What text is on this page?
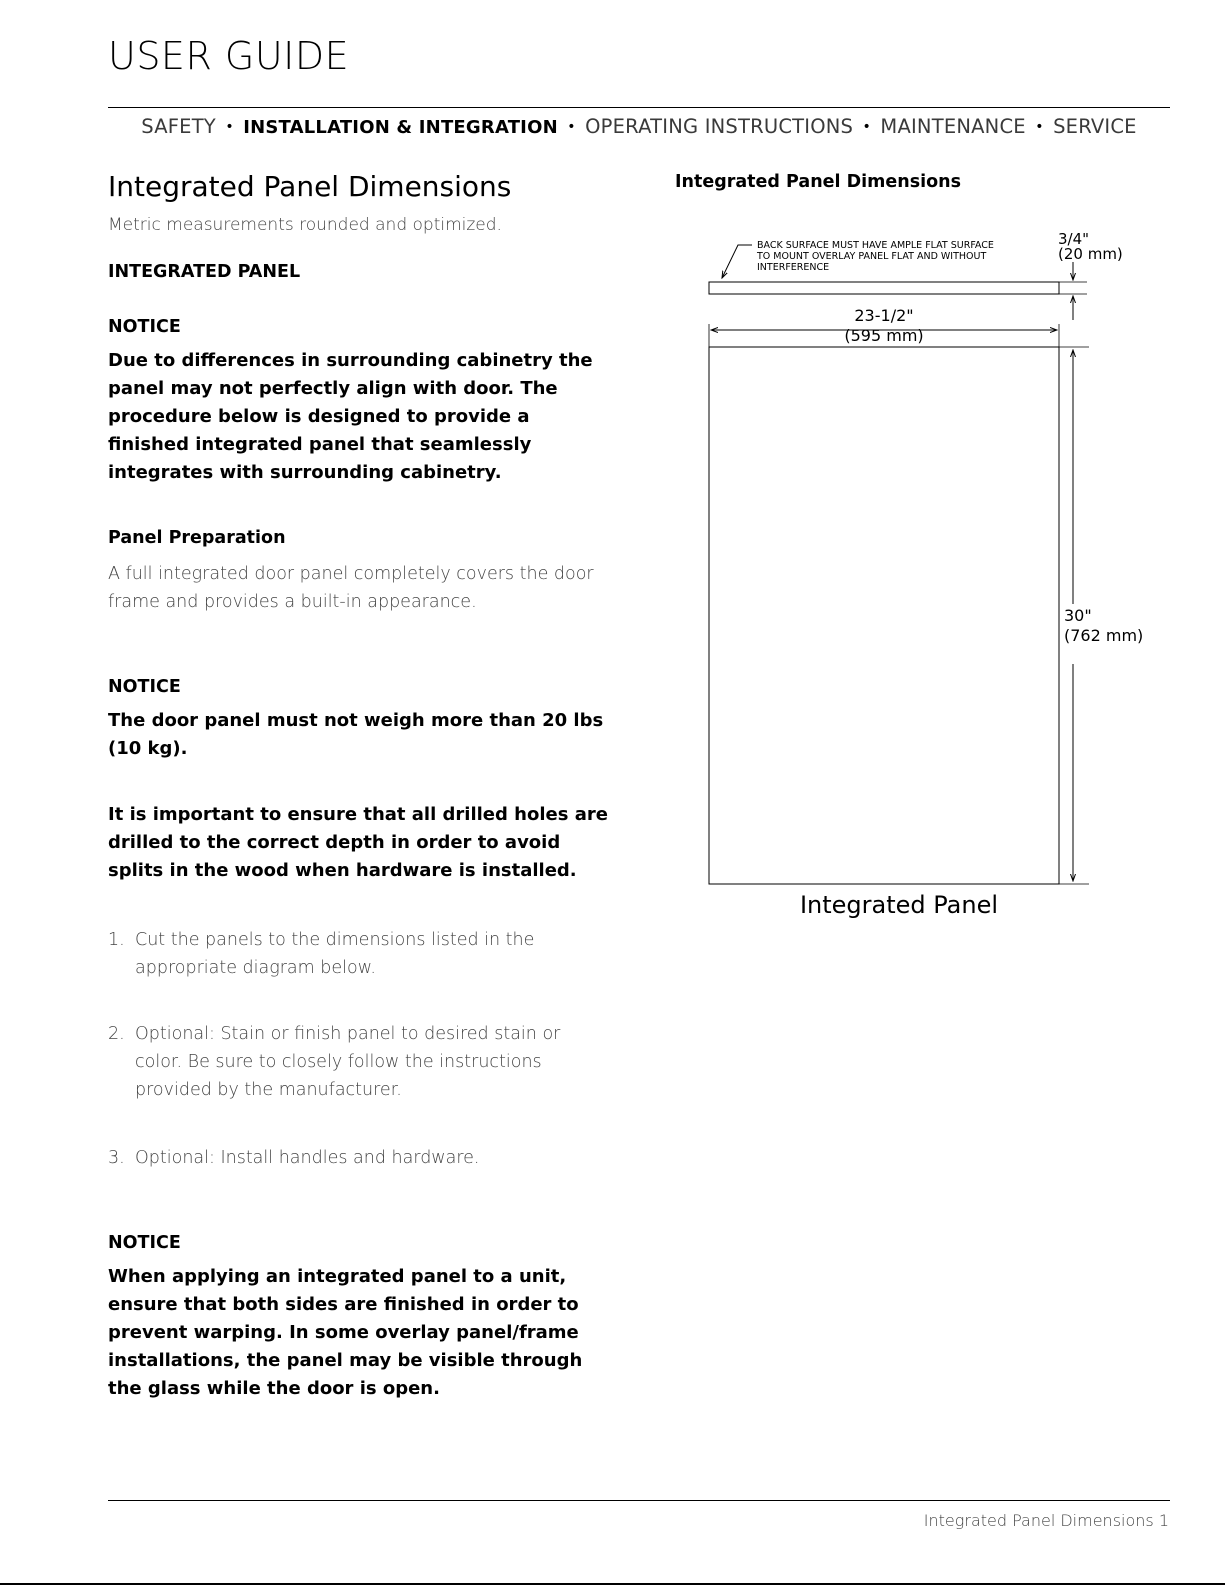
USER GUIDE
SAFETY • INSTALLATION & INTEGRATION • OPERATING INSTRUCTIONS • MAINTENANCE • SERVICE
Integrated Panel Dimensions
Metric measurements rounded and optimized.
INTEGRATED PANEL
NOTICE
Due to differences in surrounding cabinetry the panel may not perfectly align with door. The procedure below is designed to provide a finished integrated panel that seamlessly integrates with surrounding cabinetry.
Panel Preparation
A full integrated door panel completely covers the door frame and provides a built-in appearance.
NOTICE
The door panel must not weigh more than 20 lbs (10 kg).
It is important to ensure that all drilled holes are drilled to the correct depth in order to avoid splits in the wood when hardware is installed.
1. Cut the panels to the dimensions listed in the appropriate diagram below.
2. Optional: Stain or finish panel to desired stain or color. Be sure to closely follow the instructions provided by the manufacturer.
3. Optional: Install handles and hardware.
NOTICE
When applying an integrated panel to a unit, ensure that both sides are finished in order to prevent warping. In some overlay panel/frame installations, the panel may be visible through the glass while the door is open.
Integrated Panel Dimensions
BACK SURFACE MUST HAVE AMPLE FLAT SURFACE
TO MOUNT OVERLAY PANEL FLAT AND WITHOUT
INTERFERENCE
3/4"
(20 mm)
23-1/2"
(595 mm)
30"
(762 mm)
Integrated Panel
Integrated Panel Dimensions 1
